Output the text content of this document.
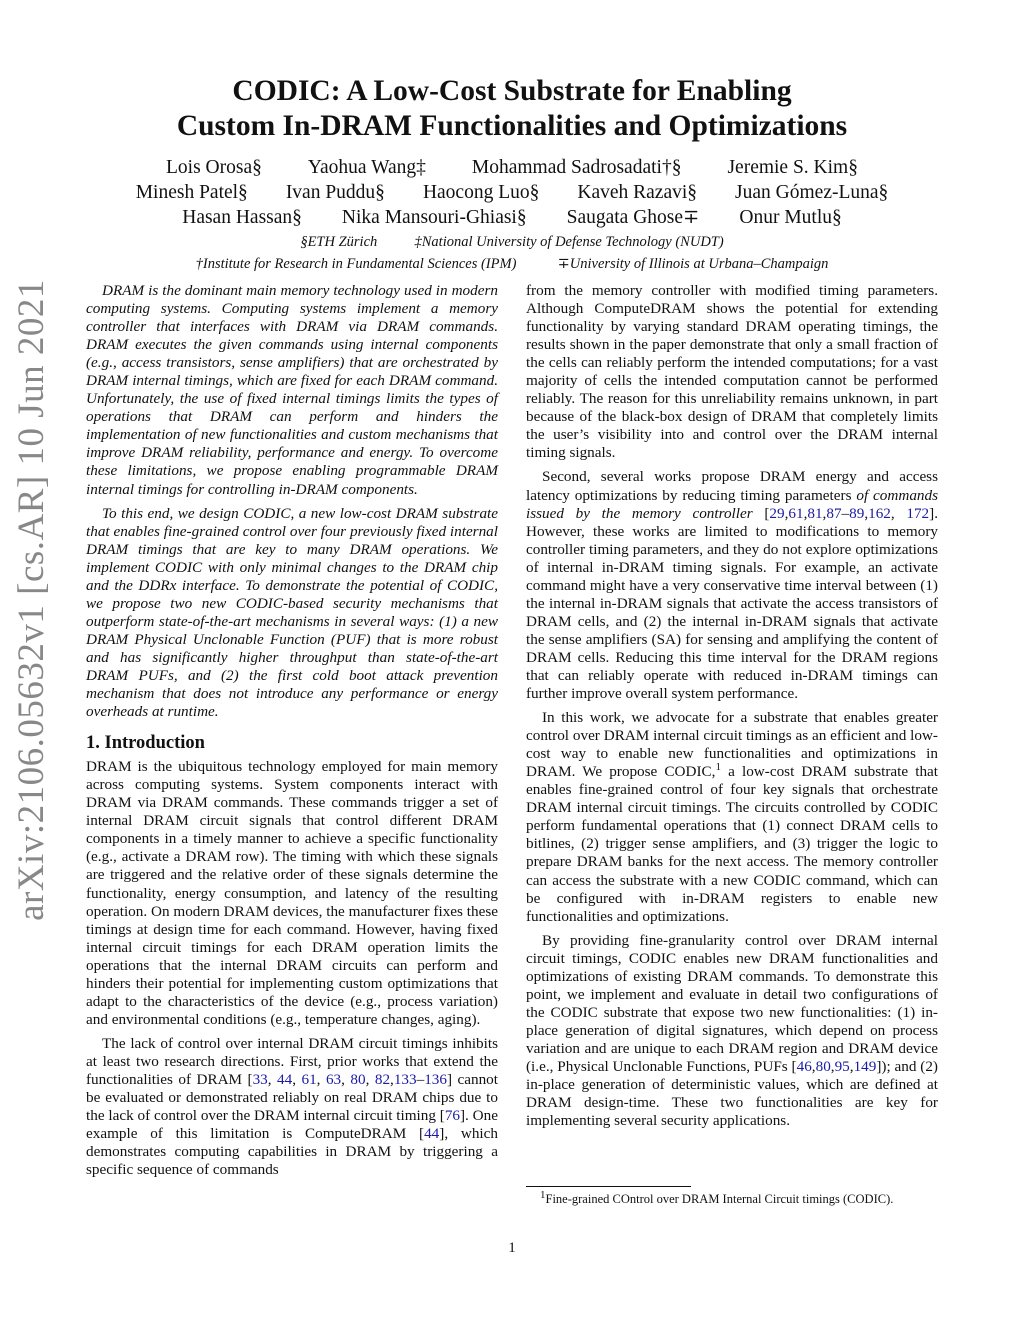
arXiv:2106.05632v1 [cs.AR] 10 Jun 2021
CODIC: A Low-Cost Substrate for Enabling
Custom In-DRAM Functionalities and Optimizations
Lois Orosa§ Yaohua Wang‡ Mohammad Sadrosadati†§ Jeremie S. Kim§
Minesh Patel§ Ivan Puddu§ Haocong Luo§ Kaveh Razavi§ Juan Gómez-Luna§
Hasan Hassan§ Nika Mansouri-Ghiasi§ Saugata Ghose∓ Onur Mutlu§
§ETH Zürich	‡National University of Defense Technology (NUDT)
†Institute for Research in Fundamental Sciences (IPM)	∓University of Illinois at Urbana–Champaign

DRAM is the dominant main memory technology used in modern computing systems. Computing systems implement a memory controller that interfaces with DRAM via DRAM commands. DRAM executes the given commands using internal components (e.g., access transistors, sense amplifiers) that are orchestrated by DRAM internal timings, which are fixed for each DRAM command. Unfortunately, the use of fixed internal timings limits the types of operations that DRAM can perform and hinders the implementation of new functionalities and custom mechanisms that improve DRAM reliability, performance and energy. To overcome these limitations, we propose enabling programmable DRAM internal timings for controlling in-DRAM components.

To this end, we design CODIC, a new low-cost DRAM substrate that enables fine-grained control over four previously fixed internal DRAM timings that are key to many DRAM operations. We implement CODIC with only minimal changes to the DRAM chip and the DDRx interface. To demonstrate the potential of CODIC, we propose two new CODIC-based security mechanisms that outperform state-of-the-art mechanisms in several ways: (1) a new DRAM Physical Unclonable Function (PUF) that is more robust and has significantly higher throughput than state-of-the-art DRAM PUFs, and (2) the first cold boot attack prevention mechanism that does not introduce any performance or energy overheads at runtime.

1. Introduction

DRAM is the ubiquitous technology employed for main memory across computing systems. System components interact with DRAM via DRAM commands. These commands trigger a set of internal DRAM circuit signals that control different DRAM components in a timely manner to achieve a specific functionality (e.g., activate a DRAM row). The timing with which these signals are triggered and the relative order of these signals determine the functionality, energy consumption, and latency of the resulting operation. On modern DRAM devices, the manufacturer fixes these timings at design time for each command. However, having fixed internal circuit timings for each DRAM operation limits the operations that the internal DRAM circuits can perform and hinders their potential for implementing custom optimizations that adapt to the characteristics of the device (e.g., process variation) and environmental conditions (e.g., temperature changes, aging).

The lack of control over internal DRAM circuit timings inhibits at least two research directions. First, prior works that extend the functionalities of DRAM [33, 44, 61, 63, 80, 82,133–136] cannot be evaluated or demonstrated reliably on real DRAM chips due to the lack of control over the DRAM internal circuit timing [76]. One example of this limitation is ComputeDRAM [44], which demonstrates computing capabilities in DRAM by triggering a specific sequence of commands

from the memory controller with modified timing parameters. Although ComputeDRAM shows the potential for extending functionality by varying standard DRAM operating timings, the results shown in the paper demonstrate that only a small fraction of the cells can reliably perform the intended computations; for a vast majority of cells the intended computation cannot be performed reliably. The reason for this unreliability remains unknown, in part because of the black-box design of DRAM that completely limits the user’s visibility into and control over the DRAM internal timing signals.

Second, several works propose DRAM energy and access latency optimizations by reducing timing parameters of commands issued by the memory controller [29,61,81,87–89,162, 172]. However, these works are limited to modifications to memory controller timing parameters, and they do not explore optimizations of internal in-DRAM timing signals. For example, an activate command might have a very conservative time interval between (1) the internal in-DRAM signals that activate the access transistors of DRAM cells, and (2) the internal in-DRAM signals that activate the sense amplifiers (SA) for sensing and amplifying the content of DRAM cells. Reducing this time interval for the DRAM regions that can reliably operate with reduced in-DRAM timings can further improve overall system performance.

In this work, we advocate for a substrate that enables greater control over DRAM internal circuit timings as an efficient and low-cost way to enable new functionalities and optimizations in DRAM. We propose CODIC,$^1$ a low-cost DRAM substrate that enables fine-grained control of four key signals that orchestrate DRAM internal circuit timings. The circuits controlled by CODIC perform fundamental operations that (1) connect DRAM cells to bitlines, (2) trigger sense amplifiers, and (3) trigger the logic to prepare DRAM banks for the next access. The memory controller can access the substrate with a new CODIC command, which can be configured with in-DRAM registers to enable new functionalities and optimizations.

By providing fine-granularity control over DRAM internal circuit timings, CODIC enables new DRAM functionalities and optimizations of existing DRAM commands. To demonstrate this point, we implement and evaluate in detail two configurations of the CODIC substrate that expose two new functionalities: (1) in-place generation of digital signatures, which depend on process variation and are unique to each DRAM region and DRAM device (i.e., Physical Unclonable Functions, PUFs [46,80,95,149]); and (2) in-place generation of deterministic values, which are defined at DRAM design-time. These two functionalities are key for implementing several security applications.

$^1$Fine-grained COntrol over DRAM Internal Circuit timings (CODIC).
1
